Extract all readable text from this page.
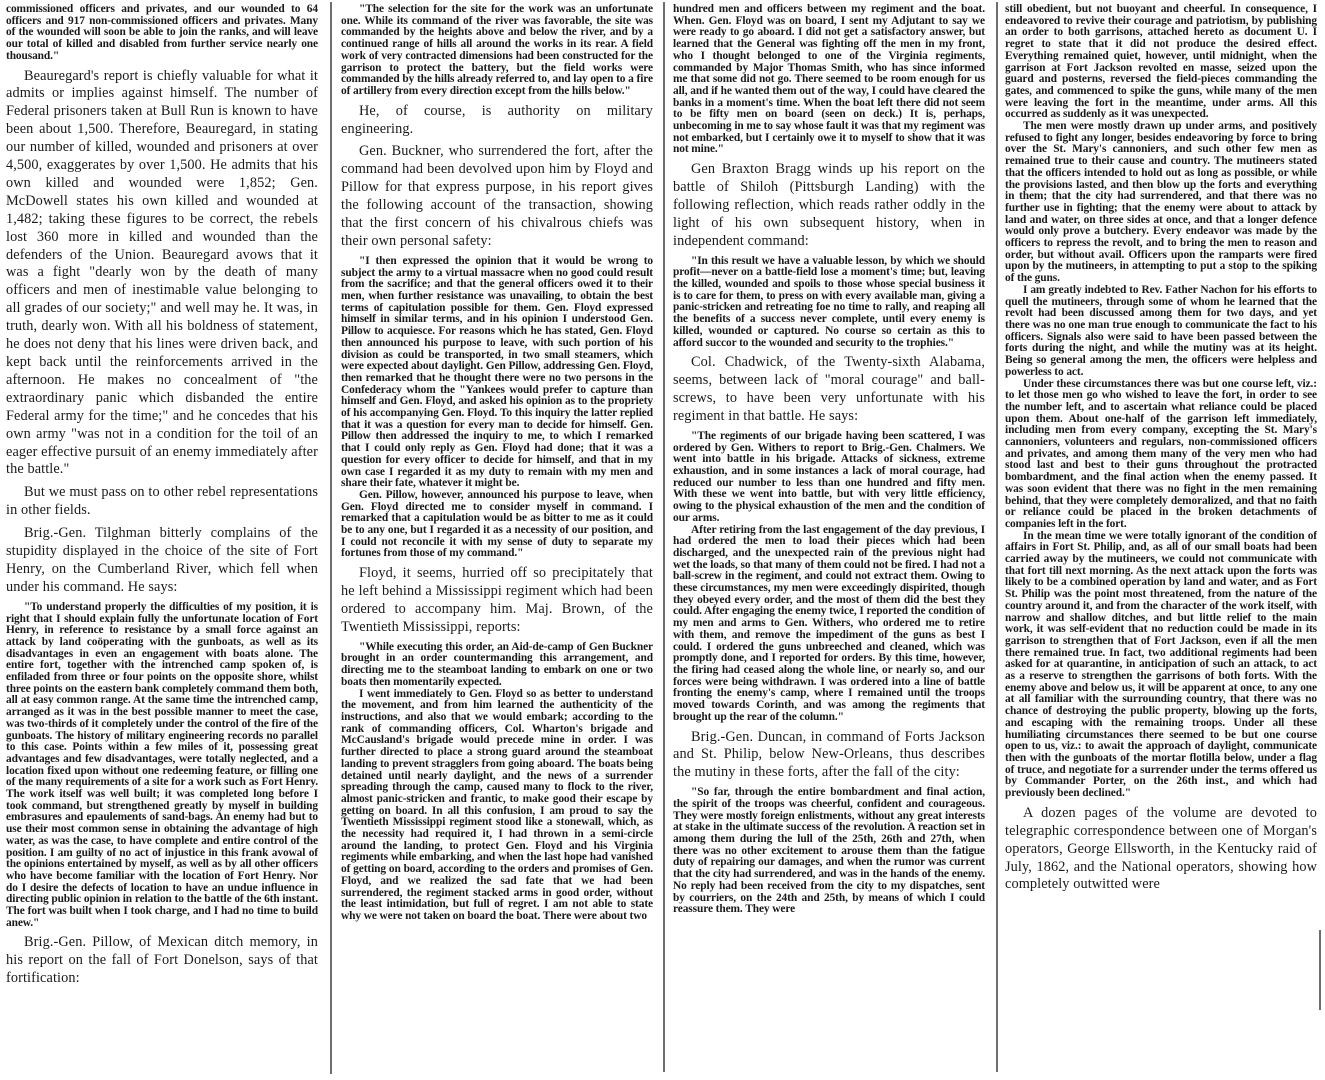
commissioned officers and privates, and our wounded to 64 officers and 917 non-commissioned officers and privates. Many of the wounded will soon be able to join the ranks, and will leave our total of killed and disabled from further service nearly one thousand."

Beauregard's report is chiefly valuable for what it admits or implies against himself. The number of Federal prisoners taken at Bull Run is known to have been about 1,500. Therefore, Beauregard, in stating our number of killed, wounded and prisoners at over 4,500, exaggerates by over 1,500. He admits that his own killed and wounded were 1,852; Gen. McDowell states his own killed and wounded at 1,482; taking these figures to be correct, the rebels lost 360 more in killed and wounded than the defenders of the Union. Beauregard avows that it was a fight "dearly won by the death of many officers and men of inestimable value belonging to all grades of our society;" and well may he. It was, in truth, dearly won. With all his boldness of statement, he does not deny that his lines were driven back, and kept back until the reinforcements arrived in the afternoon. He makes no concealment of "the extraordinary panic which disbanded the entire Federal army for the time;" and he concedes that his own army "was not in a condition for the toil of an eager effective pursuit of an enemy immediately after the battle."

But we must pass on to other rebel representations in other fields.

Brig.-Gen. Tilghman bitterly complains of the stupidity displayed in the choice of the site of Fort Henry, on the Cumberland River, which fell when under his command. He says:

"To understand properly the difficulties of my position, it is right that I should explain fully the unfortunate location of Fort Henry, in reference to resistance by a small force against an attack by land coöperating with the gunboats, as well as its disadvantages in even an engagement with boats alone. The entire fort, together with the intrenched camp spoken of, is enfiladed from three or four points on the opposite shore, whilst three points on the eastern bank completely command them both, all at easy common range. At the same time the intrenched camp, arranged as it was in the best possible manner to meet the case, was two-thirds of it completely under the control of the fire of the gunboats. The history of military engineering records no parallel to this case. Points within a few miles of it, possessing great advantages and few disadvantages, were totally neglected, and a location fixed upon without one redeeming feature, or filling one of the many requirements of a site for a work such as Fort Henry. The work itself was well built; it was completed long before I took command, but strengthened greatly by myself in building embrasures and epaulements of sand-bags. An enemy had but to use their most common sense in obtaining the advantage of high water, as was the case, to have complete and entire control of the position. I am guilty of no act of injustice in this frank avowal of the opinions entertained by myself, as well as by all other officers who have become familiar with the location of Fort Henry. Nor do I desire the defects of location to have an undue influence in directing public opinion in relation to the battle of the 6th instant. The fort was built when I took charge, and I had no time to build anew."

Brig.-Gen. Pillow, of Mexican ditch memory, in his report on the fall of Fort Donelson, says of that fortification:

"The selection for the site for the work was an unfortunate one. While its command of the river was favorable, the site was commanded by the heights above and below the river, and by a continued range of hills all around the works in its rear. A field work of very contracted dimensions had been constructed for the garrison to protect the battery, but the field works were commanded by the hills already referred to, and lay open to a fire of artillery from every direction except from the hills below."

He, of course, is authority on military engineering.

Gen. Buckner, who surrendered the fort, after the command had been devolved upon him by Floyd and Pillow for that express purpose, in his report gives the following account of the transaction, showing that the first concern of his chivalrous chiefs was their own personal safety:

"I then expressed the opinion that it would be wrong to subject the army to a virtual massacre when no good could result from the sacrifice; and that the general officers owed it to their men, when further resistance was unavailing, to obtain the best terms of capitulation possible for them. Gen. Floyd expressed himself in similar terms, and in his opinion I understood Gen. Pillow to acquiesce. For reasons which he has stated, Gen. Floyd then announced his purpose to leave, with such portion of his division as could be transported, in two small steamers, which were expected about daylight. Gen Pillow, addressing Gen. Floyd, then remarked that he thought there were no two persons in the Confederacy whom the "Yankees would prefer to capture than himself and Gen. Floyd, and asked his opinion as to the propriety of his accompanying Gen. Floyd. To this inquiry the latter replied that it was a question for every man to decide for himself. Gen. Pillow then addressed the inquiry to me, to which I remarked that I could only reply as Gen. Floyd had done; that it was a question for every officer to decide for himself, and that in my own case I regarded it as my duty to remain with my men and share their fate, whatever it might be.

Gen. Pillow, however, announced his purpose to leave, when Gen. Floyd directed me to consider myself in command. I remarked that a capitulation would be as bitter to me as it could be to any one, but I regarded it as a necessity of our position, and I could not reconcile it with my sense of duty to separate my fortunes from those of my command."

Floyd, it seems, hurried off so precipitately that he left behind a Mississippi regiment which had been ordered to accompany him. Maj. Brown, of the Twentieth Mississippi, reports:

"While executing this order, an Aid-de-camp of Gen Buckner brought in an order countermanding this arrangement, and directing me to the steamboat landing to embark on one or two boats then momentarily expected.

I went immediately to Gen. Floyd so as better to understand the movement, and from him learned the authenticity of the instructions, and also that we would embark; according to the rank of commanding officers, Col. Wharton's brigade and McCausland's brigade would precede mine in order. I was further directed to place a strong guard around the steamboat landing to prevent stragglers from going aboard. The boats being detained until nearly daylight, and the news of a surrender spreading through the camp, caused many to flock to the river, almost panic-stricken and frantic, to make good their escape by getting on board. In all this confusion, I am proud to say the Twentieth Mississippi regiment stood like a stonewall, which, as the necessity had required it, I had thrown in a semi-circle around the landing, to protect Gen. Floyd and his Virginia regiments while embarking, and when the last hope had vanished of getting on board, according to the orders and promises of Gen. Floyd, and we realized the sad fate that we had been surrendered, the regiment stacked arms in good order, without the least intimidation, but full of regret. I am not able to state why we were not taken on board the boat. There were about two

hundred men and officers between my regiment and the boat. When. Gen. Floyd was on board, I sent my Adjutant to say we were ready to go aboard. I did not get a satisfactory answer, but learned that the General was fighting off the men in my front, who I thought belonged to one of the Virginia regiments, commanded by Major Thomas Smith, who has since informed me that some did not go. There seemed to be room enough for us all, and if he wanted them out of the way, I could have cleared the banks in a moment's time. When the boat left there did not seem to be fifty men on board (seen on deck.) It is, perhaps, unbecoming in me to say whose fault it was that my regiment was not embarked, but I certainly owe it to myself to show that it was not mine."

Gen Braxton Bragg winds up his report on the battle of Shiloh (Pittsburgh Landing) with the following reflection, which reads rather oddly in the light of his own subsequent history, when in independent command:

"In this result we have a valuable lesson, by which we should profit—never on a battle-field lose a moment's time; but, leaving the killed, wounded and spoils to those whose special business it is to care for them, to press on with every available man, giving a panic-stricken and retreating foe no time to rally, and reaping all the benefits of a success never complete, until every enemy is killed, wounded or captured. No course so certain as this to afford succor to the wounded and security to the trophies."

Col. Chadwick, of the Twenty-sixth Alabama, seems, between lack of "moral courage" and ball-screws, to have been very unfortunate with his regiment in that battle. He says:

"The regiments of our brigade having been scattered, I was ordered by Gen. Withers to report to Brig.-Gen. Chalmers. We went into battle in his brigade. Attacks of sickness, extreme exhaustion, and in some instances a lack of moral courage, had reduced our number to less than one hundred and fifty men. With these we went into battle, but with very little efficiency, owing to the physical exhaustion of the men and the condition of our arms.

After retiring from the last engagement of the day previous, I had ordered the men to load their pieces which had been discharged, and the unexpected rain of the previous night had wet the loads, so that many of them could not be fired. I had not a ball-screw in the regiment, and could not extract them. Owing to these circumstances, my men were exceedingly dispirited, though they obeyed every order, and the most of them did the best they could. After engaging the enemy twice, I reported the condition of my men and arms to Gen. Withers, who ordered me to retire with them, and remove the impediment of the guns as best I could. I ordered the guns unbreeched and cleaned, which was promptly done, and I reported for orders. By this time, however, the firing had ceased along the whole line, or nearly so, and our forces were being withdrawn. I was ordered into a line of battle fronting the enemy's camp, where I remained until the troops moved towards Corinth, and was among the regiments that brought up the rear of the column."

Brig.-Gen. Duncan, in command of Forts Jackson and St. Philip, below New-Orleans, thus describes the mutiny in these forts, after the fall of the city:

"So far, through the entire bombardment and final action, the spirit of the troops was cheerful, confident and courageous. They were mostly foreign enlistments, without any great interests at stake in the ultimate success of the revolution. A reaction set in among them during the lull of the 25th, 26th and 27th, when there was no other excitement to arouse them than the fatigue duty of repairing our damages, and when the rumor was current that the city had surrendered, and was in the hands of the enemy. No reply had been received from the city to my dispatches, sent by courriers, on the 24th and 25th, by means of which I could reassure them. They were

still obedient, but not buoyant and cheerful. In consequence, I endeavored to revive their courage and patriotism, by publishing an order to both garrisons, attached hereto as document U. I regret to state that it did not produce the desired effect. Everything remained quiet, however, until midnight, when the garrison at Fort Jackson revolted en masse, seized upon the guard and posterns, reversed the field-pieces commanding the gates, and commenced to spike the guns, while many of the men were leaving the fort in the meantime, under arms. All this occurred as suddenly as it was unexpected.

The men were mostly drawn up under arms, and positively refused to fight any longer, besides endeavoring by force to bring over the St. Mary's cannoniers, and such other few men as remained true to their cause and country. The mutineers stated that the officers intended to hold out as long as possible, or while the provisions lasted, and then blow up the forts and everything in them; that the city had surrendered, and that there was no further use in fighting; that the enemy were about to attack by land and water, on three sides at once, and that a longer defence would only prove a butchery. Every endeavor was made by the officers to repress the revolt, and to bring the men to reason and order, but without avail. Officers upon the ramparts were fired upon by the mutineers, in attempting to put a stop to the spiking of the guns.

I am greatly indebted to Rev. Father Nachon for his efforts to quell the mutineers, through some of whom he learned that the revolt had been discussed among them for two days, and yet there was no one man true enough to communicate the fact to his officers. Signals also were said to have been passed between the forts during the night, and while the mutiny was at its height. Being so general among the men, the officers were helpless and powerless to act.

Under these circumstances there was but one course left, viz.: to let those men go who wished to leave the fort, in order to see the number left, and to ascertain what reliance could be placed upon them. About one-half of the garrison left immediately, including men from every company, excepting the St. Mary's cannoniers, volunteers and regulars, non-commissioned officers and privates, and among them many of the very men who had stood last and best to their guns throughout the protracted bombardment, and the final action when the enemy passed. It was soon evident that there was no fight in the men remaining behind, that they were completely demoralized, and that no faith or reliance could be placed in the broken detachments of companies left in the fort.

In the mean time we were totally ignorant of the condition of affairs in Fort St. Philip, and, as all of our small boats had been carried away by the mutineers, we could not communicate with that fort till next morning. As the next attack upon the forts was likely to be a combined operation by land and water, and as Fort St. Philip was the point most threatened, from the nature of the country around it, and from the character of the work itself, with narrow and shallow ditches, and but little relief to the main work, it was self-evident that no reduction could be made in its garrison to strengthen that of Fort Jackson, even if all the men there remained true. In fact, two additional regiments had been asked for at quarantine, in anticipation of such an attack, to act as a reserve to strengthen the garrisons of both forts. With the enemy above and below us, it will be apparent at once, to any one at all familiar with the surrounding country, that there was no chance of destroying the public property, blowing up the forts, and escaping with the remaining troops. Under all these humiliating circumstances there seemed to be but one course open to us, viz.: to await the approach of daylight, communicate then with the gunboats of the mortar flotilla below, under a flag of truce, and negotiate for a surrender under the terms offered us by Commander Porter, on the 26th inst., and which had previously been declined."

A dozen pages of the volume are devoted to telegraphic correspondence between one of Morgan's operators, George Ellsworth, in the Kentucky raid of July, 1862, and the National operators, showing how completely outwitted were
